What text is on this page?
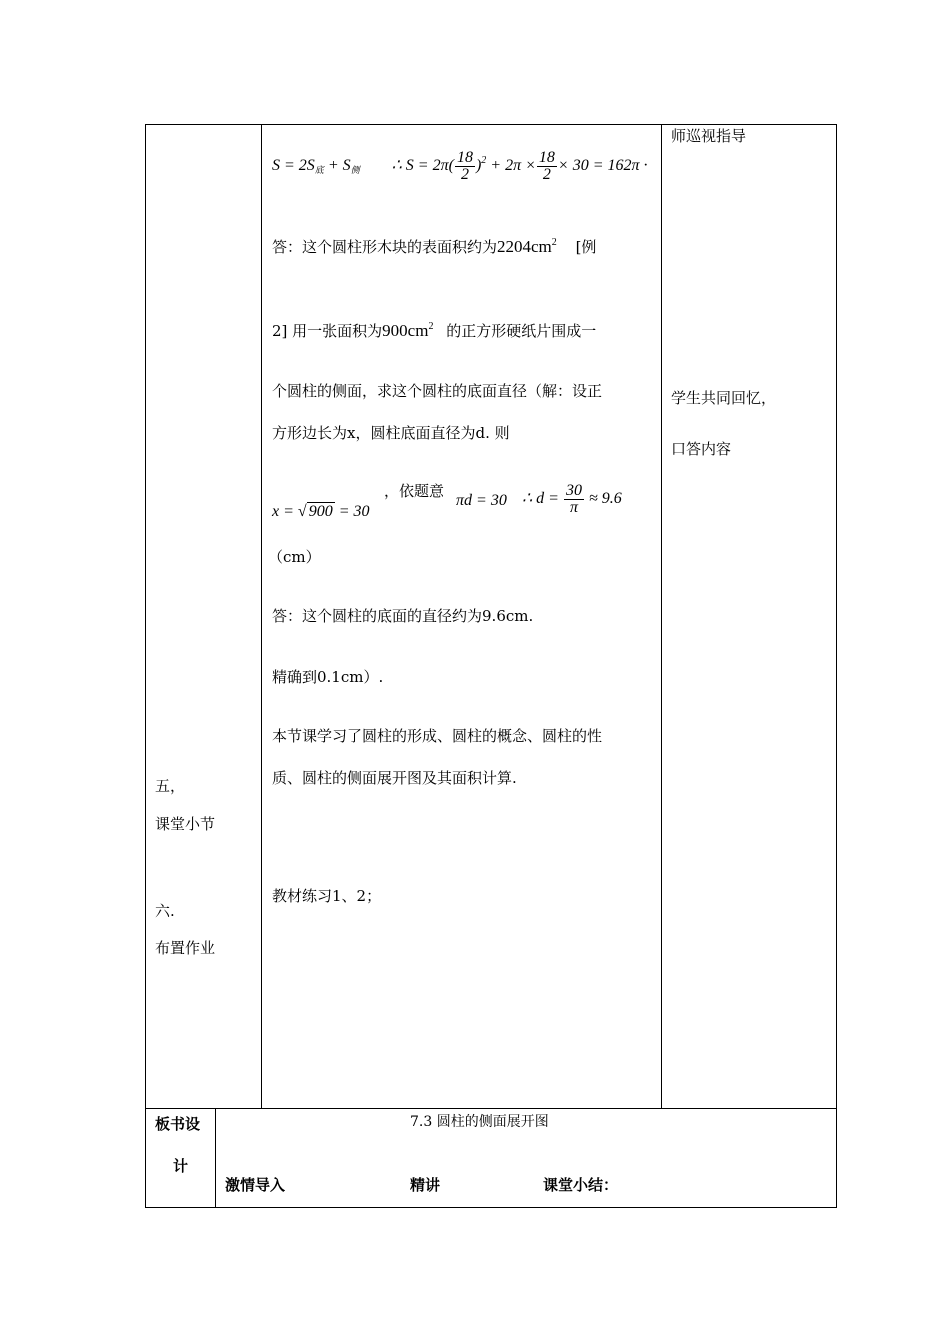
五，
课堂小节
六.
布置作业
$S = 2S_底 + S_侧$ ∴ $S = 2\pi( \frac{18}{2} )^2 + 2\pi \times \frac{18}{2} \times 30 = 162\pi$ ·
答：这个圆柱形木块的表面积约为$2204cm^2$ [例
2] 用一张面积为$900cm^2$ 的正方形硬纸片围成一
个圆柱的侧面，求这个圆柱的底面直径（解：设正
方形边长为x，圆柱底面直径为d. 则
x = √ 900 = 30
，依题意
πd = 30 ∴ $d = \frac{30}{\pi} \approx 9.6$
（cm）
答：这个圆柱的底面的直径约为9.6cm.
精确到0.1cm）.
本节课学习了圆柱的形成、圆柱的概念、圆柱的性
质、圆柱的侧面展开图及其面积计算.
教材练习1、2；
师巡视指导
学生共同回忆，
口答内容
板书设
计
7.3 圆柱的侧面展开图
激情导入	精讲	课堂小结：
